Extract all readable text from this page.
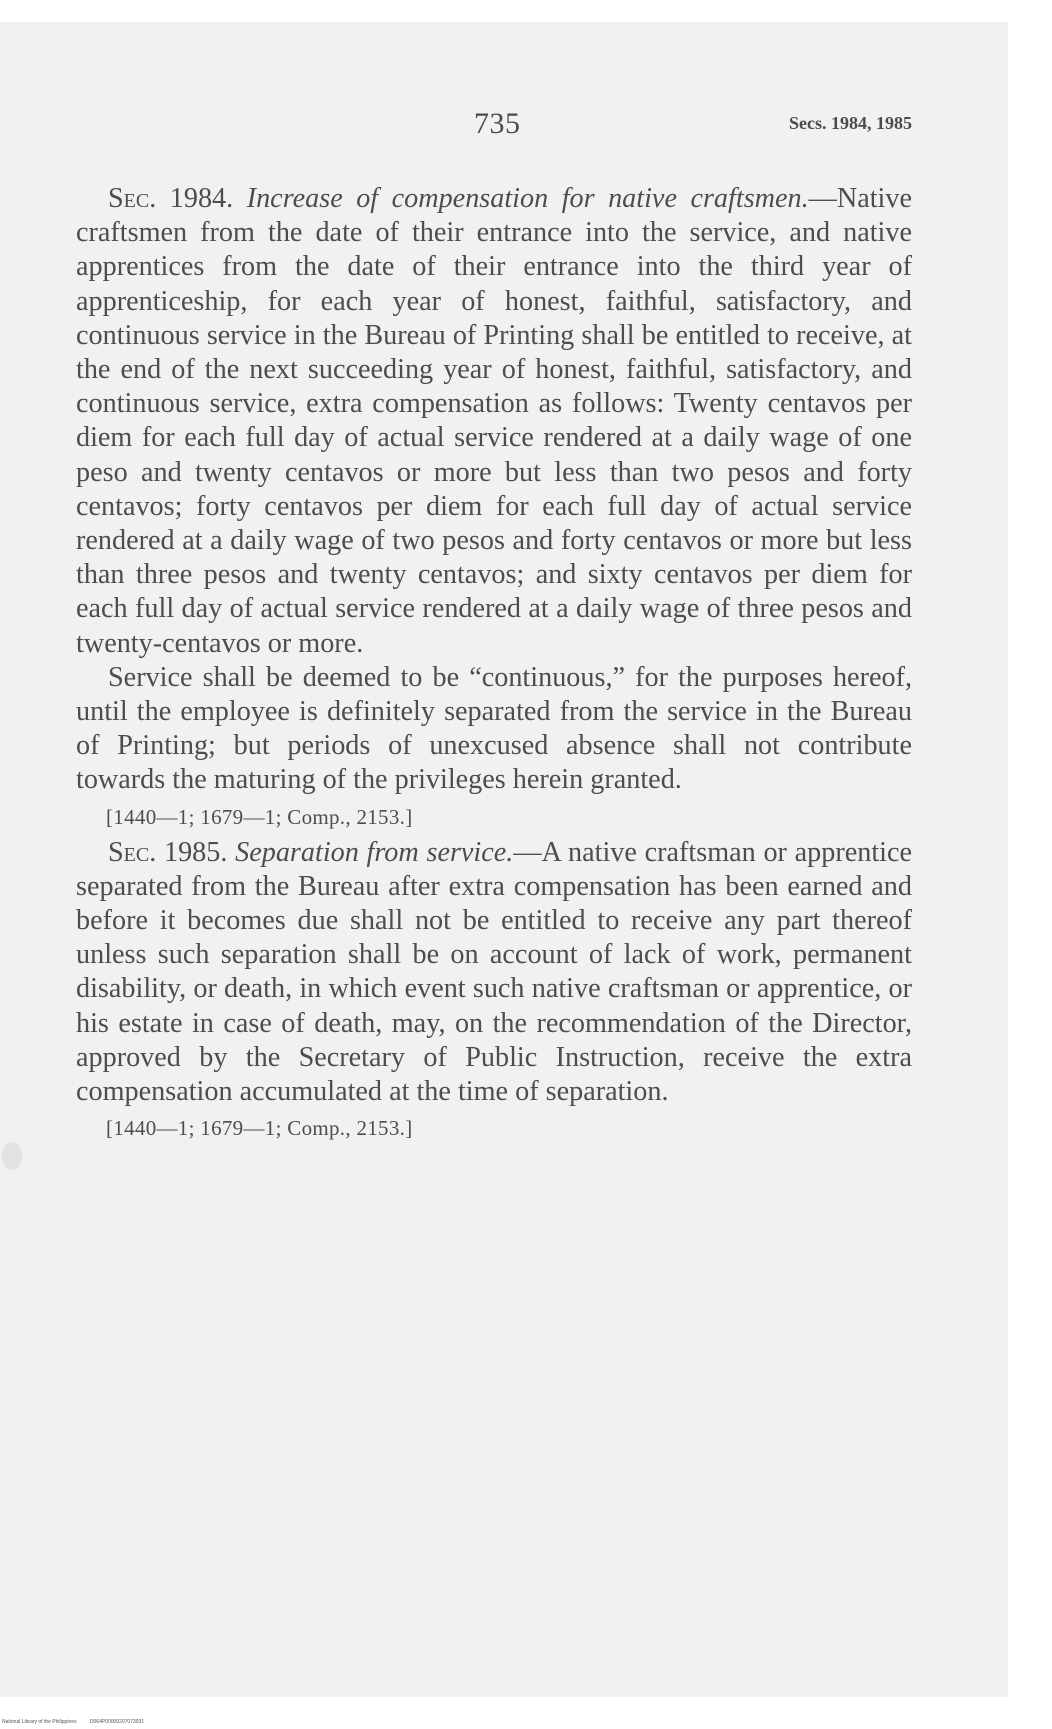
735	Secs. 1984, 1985

Sec. 1984. Increase of compensation for native craftsmen.—Native craftsmen from the date of their entrance into the service, and native apprentices from the date of their entrance into the third year of apprenticeship, for each year of honest, faithful, satisfactory, and continuous service in the Bureau of Printing shall be entitled to receive, at the end of the next succeeding year of honest, faithful, satisfactory, and continuous service, extra compensation as follows: Twenty centavos per diem for each full day of actual service rendered at a daily wage of one peso and twenty centavos or more but less than two pesos and forty centavos; forty centavos per diem for each full day of actual service rendered at a daily wage of two pesos and forty centavos or more but less than three pesos and twenty centavos; and sixty centavos per diem for each full day of actual service rendered at a daily wage of three pesos and twenty-centavos or more.

Service shall be deemed to be “continuous,” for the purposes hereof, until the employee is definitely separated from the service in the Bureau of Printing; but periods of unexcused absence shall not contribute towards the maturing of the privileges herein granted.

[1440—1; 1679—1; Comp., 2153.]

Sec. 1985. Separation from service.—A native craftsman or apprentice separated from the Bureau after extra compensation has been earned and before it becomes due shall not be entitled to receive any part thereof unless such separation shall be on account of lack of work, permanent disability, or death, in which event such native craftsman or apprentice, or his estate in case of death, may, on the recommendation of the Director, approved by the Secretary of Public Instruction, receive the extra compensation accumulated at the time of separation.

[1440—1; 1679—1; Comp., 2153.]
National Library of the Philippines	D064P00009207073931
